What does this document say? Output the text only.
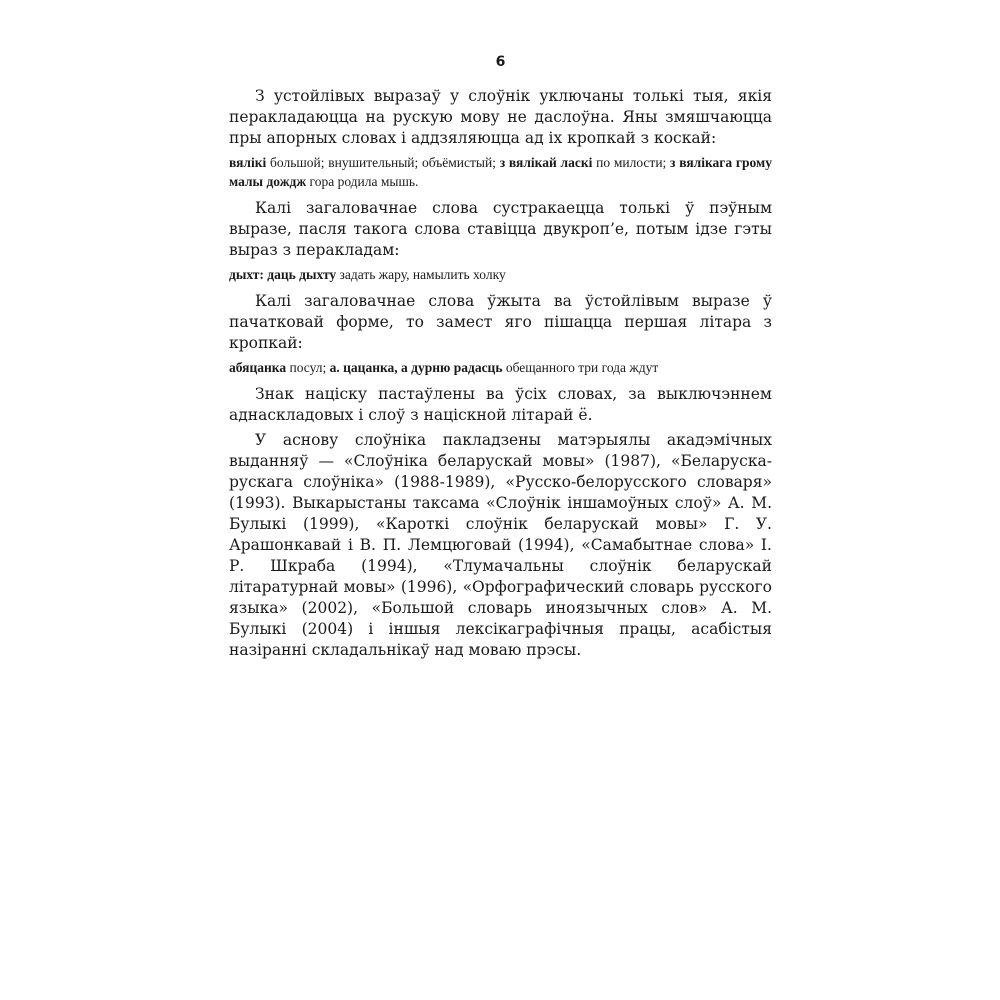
6

З устойлівых выразаў у слоўнік уключаны толькі тыя, якія перакладаюцца на рускую мову не даслоўна. Яны змяшчаюцца пры апорных словах і аддзяляюцца ад іх кропкай з коскай:

вялікі большой; внушительный; объёмистый; з вялікай ласкі по милости; з вялікага грому малы дождж гора родила мышь.

Калі загаловачнае слова сустракаецца толькі ў пэўным выразе, пасля такога слова ставіцца двукроп’е, потым ідзе гэты выраз з перакладам:

дыхт: даць дыхту задать жару, намылить холку

Калі загаловачнае слова ўжыта ва ўстойлівым выразе ў пачатковай форме, то замест яго пішацца першая літара з кропкай:

абяцанка посул; а. цацанка, а дурню радасць обещанного три года ждут

Знак націску пастаўлены ва ўсіх словах, за выключэннем аднаскладовых і слоў з націскной літарай ё.

У аснову слоўніка пакладзены матэрыялы акадэмічных выданняў — «Слоўніка беларускай мовы» (1987), «Беларуска-рускага слоўніка» (1988-1989), «Русско-белорусского словаря» (1993). Выкарыстаны таксама «Слоўнік іншамоўных слоў» А. М. Булыкі (1999), «Кароткі слоўнік беларускай мовы» Г. У. Арашонкавай і В. П. Лемцюговай (1994), «Самабытнае слова» І. Р. Шкраба (1994), «Тлумачальны слоўнік беларускай літаратурнай мовы» (1996), «Орфографический словарь русского языка» (2002), «Большой словарь иноязычных слов» А. М. Булыкі (2004) і іншыя лексікаграфічныя працы, асабістыя назіранні складальнікаў над моваю прэсы.
